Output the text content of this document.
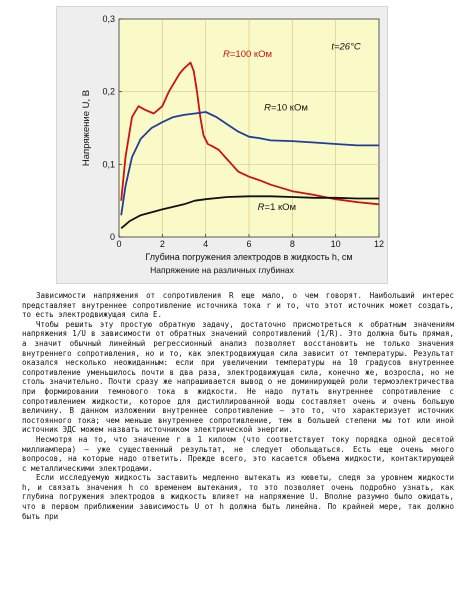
R=100 кОм
R=10 кОм
R=1 кОм
0	2	4	6	8	10	12
0
0,1
0,2
0,3
Напряжение U, В
Глубина погружения электродов в жидкость h, см
t=26°C
Напряжение на различных глубинах

Зависимости напряжения от сопротивления R еще мало, о чем говорят. Наибольший интерес представляет внутреннее сопротивление источника тока r и то, что этот источник может создать, то есть электродвижущая сила E.

Чтобы решить эту простую обратную задачу, достаточно присмотреться к обратным значениям напряжения 1/U в зависимости от обратных значений сопротивлений (1/R). Это должна быть прямая, а значит обычный линейный регрессионный анализ позволяет восстановить не только значения внутреннего сопротивления, но и то, как электродвижущая сила зависит от температуры. Результат оказался несколько неожиданным: если при увеличении температуры на 10 градусов внутреннее сопротивление уменьшилось почти в два раза, электродвижущая сила, конечно же, возросла, но не столь значительно. Почти сразу же напрашивается вывод о не доминирующей роли термоэлектричества при формировании темнового тока в жидкости. Не надо путать внутреннее сопротивление с сопротивлением жидкости, которое для дистиллированной воды составляет очень и очень большую величину. В данном изложении внутреннее сопротивление — это то, что характеризует источник постоянного тока; чем меньше внутреннее сопротивление, тем в большей степени мы тот или иной источник ЭДС можем назвать источником электрической энергии.

Несмотря на то, что значение r в 1 килоом (что соответствует току порядка одной десятой миллиампера) — уже существенный результат, не следует обольщаться. Есть еще очень много вопросов, на которые надо ответить. Прежде всего, это касается объема жидкости, контактирующей с металлическими электродами.

Если исследуемую жидкость заставить медленно вытекать из кюветы, следя за уровнем жидкости h, и связать значения h со временем вытекания, то это позволяет очень подробно узнать, как глубина погружения электродов в жидкость влияет на напряжение U. Вполне разумно было ожидать, что в первом приближении зависимость U от h должна быть линейна. По крайней мере, так должно быть при
